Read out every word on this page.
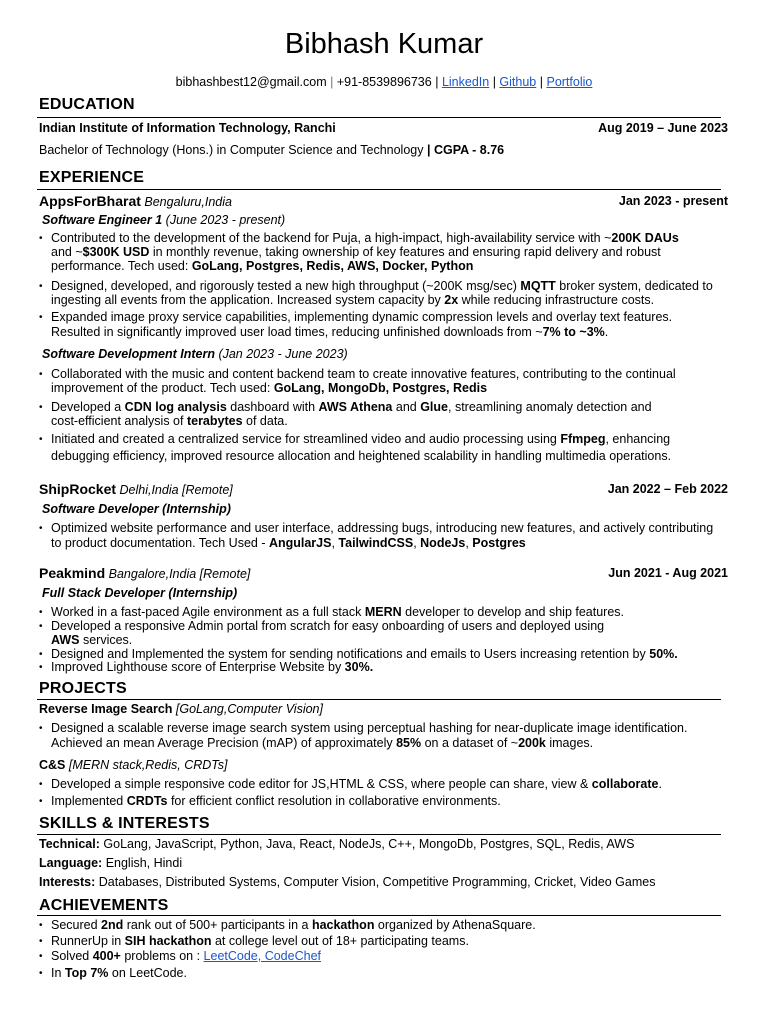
Bibhash Kumar
bibhashbest12@gmail.com | +91-8539896736 | LinkedIn | Github | Portfolio
EDUCATION
Indian Institute of Information Technology, Ranchi	Aug 2019 – June 2023
Bachelor of Technology (Hons.) in Computer Science and Technology | CGPA - 8.76
EXPERIENCE
AppsForBharat Bengaluru,India	Jan 2023 - present
Software Engineer 1 (June 2023 - present)
• Contributed to the development of the backend for Puja, a high-impact, high-availability service with ~200K DAUs
and ~$300K USD in monthly revenue, taking ownership of key features and ensuring rapid delivery and robust
performance. Tech used: GoLang, Postgres, Redis, AWS, Docker, Python
• Designed, developed, and rigorously tested a new high throughput (~200K msg/sec) MQTT broker system, dedicated to
ingesting all events from the application. Increased system capacity by 2x while reducing infrastructure costs.
• Expanded image proxy service capabilities, implementing dynamic compression levels and overlay text features.
Resulted in significantly improved user load times, reducing unfinished downloads from ~7% to ~3%.
Software Development Intern (Jan 2023 - June 2023)
• Collaborated with the music and content backend team to create innovative features, contributing to the continual
improvement of the product. Tech used: GoLang, MongoDb, Postgres, Redis
• Developed a CDN log analysis dashboard with AWS Athena and Glue, streamlining anomaly detection and
cost-efficient analysis of terabytes of data.
• Initiated and created a centralized service for streamlined video and audio processing using Ffmpeg, enhancing
debugging efficiency, improved resource allocation and heightened scalability in handling multimedia operations.
ShipRocket Delhi,India [Remote]	Jan 2022 – Feb 2022
Software Developer (Internship)
• Optimized website performance and user interface, addressing bugs, introducing new features, and actively contributing
to product documentation. Tech Used - AngularJS, TailwindCSS, NodeJs, Postgres
Peakmind Bangalore,India [Remote]	Jun 2021 - Aug 2021
Full Stack Developer (Internship)
• Worked in a fast-paced Agile environment as a full stack MERN developer to develop and ship features.
• Developed a responsive Admin portal from scratch for easy onboarding of users and deployed using
AWS services.
• Designed and Implemented the system for sending notifications and emails to Users increasing retention by 50%.
• Improved Lighthouse score of Enterprise Website by 30%.
PROJECTS
Reverse Image Search [GoLang,Computer Vision]
• Designed a scalable reverse image search system using perceptual hashing for near-duplicate image identification.
Achieved an mean Average Precision (mAP) of approximately 85% on a dataset of ~200k images.
C&S [MERN stack,Redis, CRDTs]
• Developed a simple responsive code editor for JS,HTML & CSS, where people can share, view & collaborate.
• Implemented CRDTs for efficient conflict resolution in collaborative environments.
SKILLS & INTERESTS
Technical: GoLang, JavaScript, Python, Java, React, NodeJs, C++, MongoDb, Postgres, SQL, Redis, AWS
Language: English, Hindi
Interests: Databases, Distributed Systems, Computer Vision, Competitive Programming, Cricket, Video Games
ACHIEVEMENTS
• Secured 2nd rank out of 500+ participants in a hackathon organized by AthenaSquare.
• RunnerUp in SIH hackathon at college level out of 18+ participating teams.
• Solved 400+ problems on : LeetCode, CodeChef
• In Top 7% on LeetCode.
